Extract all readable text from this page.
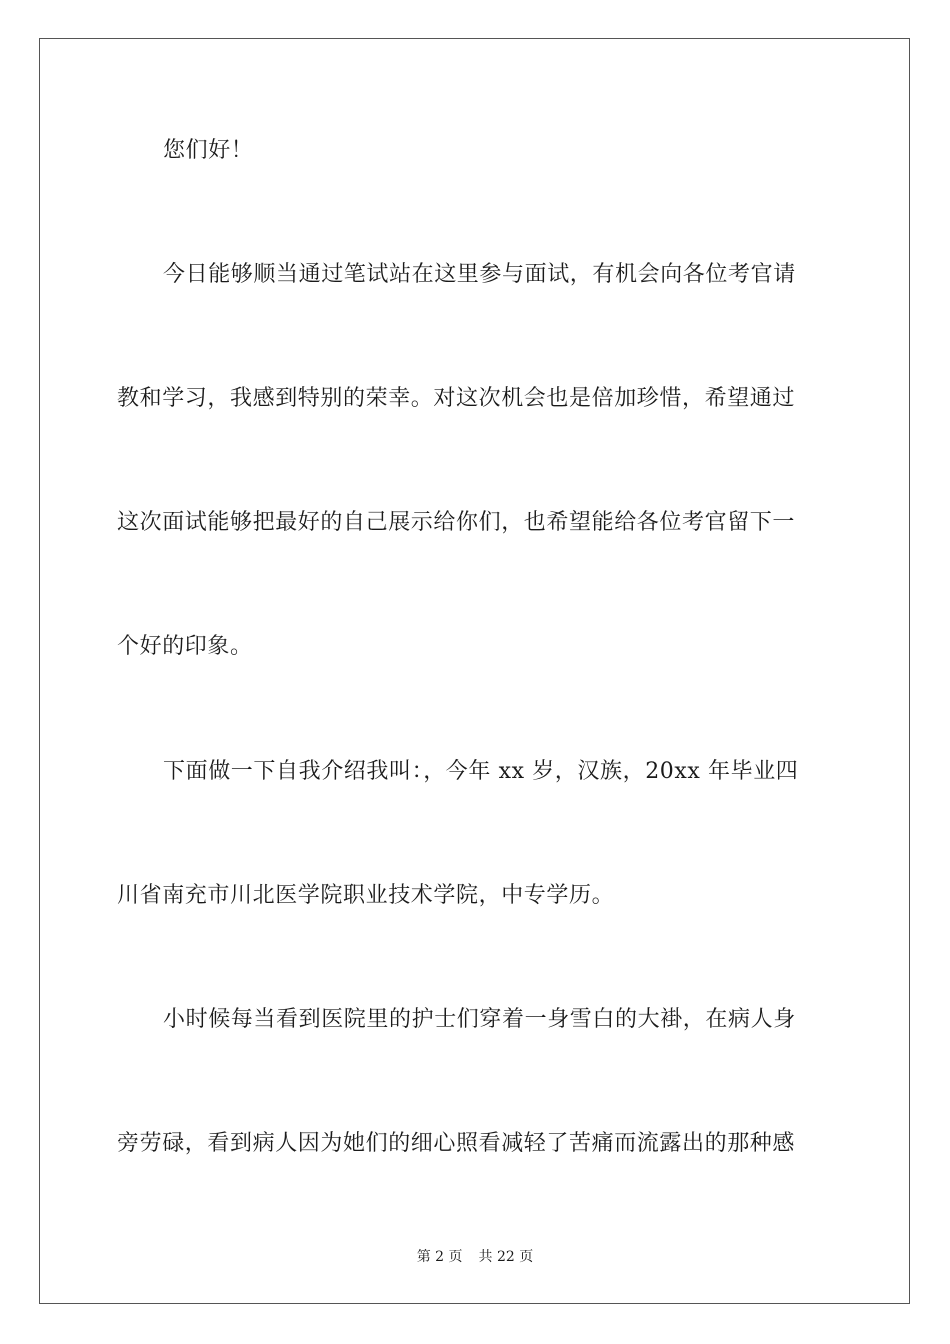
您们好！
今日能够顺当通过笔试站在这里参与面试，有机会向各位考官请
教和学习，我感到特别的荣幸。对这次机会也是倍加珍惜，希望通过
这次面试能够把最好的自己展示给你们，也希望能给各位考官留下一
个好的印象。
下面做一下自我介绍我叫：，今年 xx 岁，汉族，20xx 年毕业四
川省南充市川北医学院职业技术学院，中专学历。
小时候每当看到医院里的护士们穿着一身雪白的大褂，在病人身
旁劳碌，看到病人因为她们的细心照看减轻了苦痛而流露出的那种感
第 2 页 共 22 页
